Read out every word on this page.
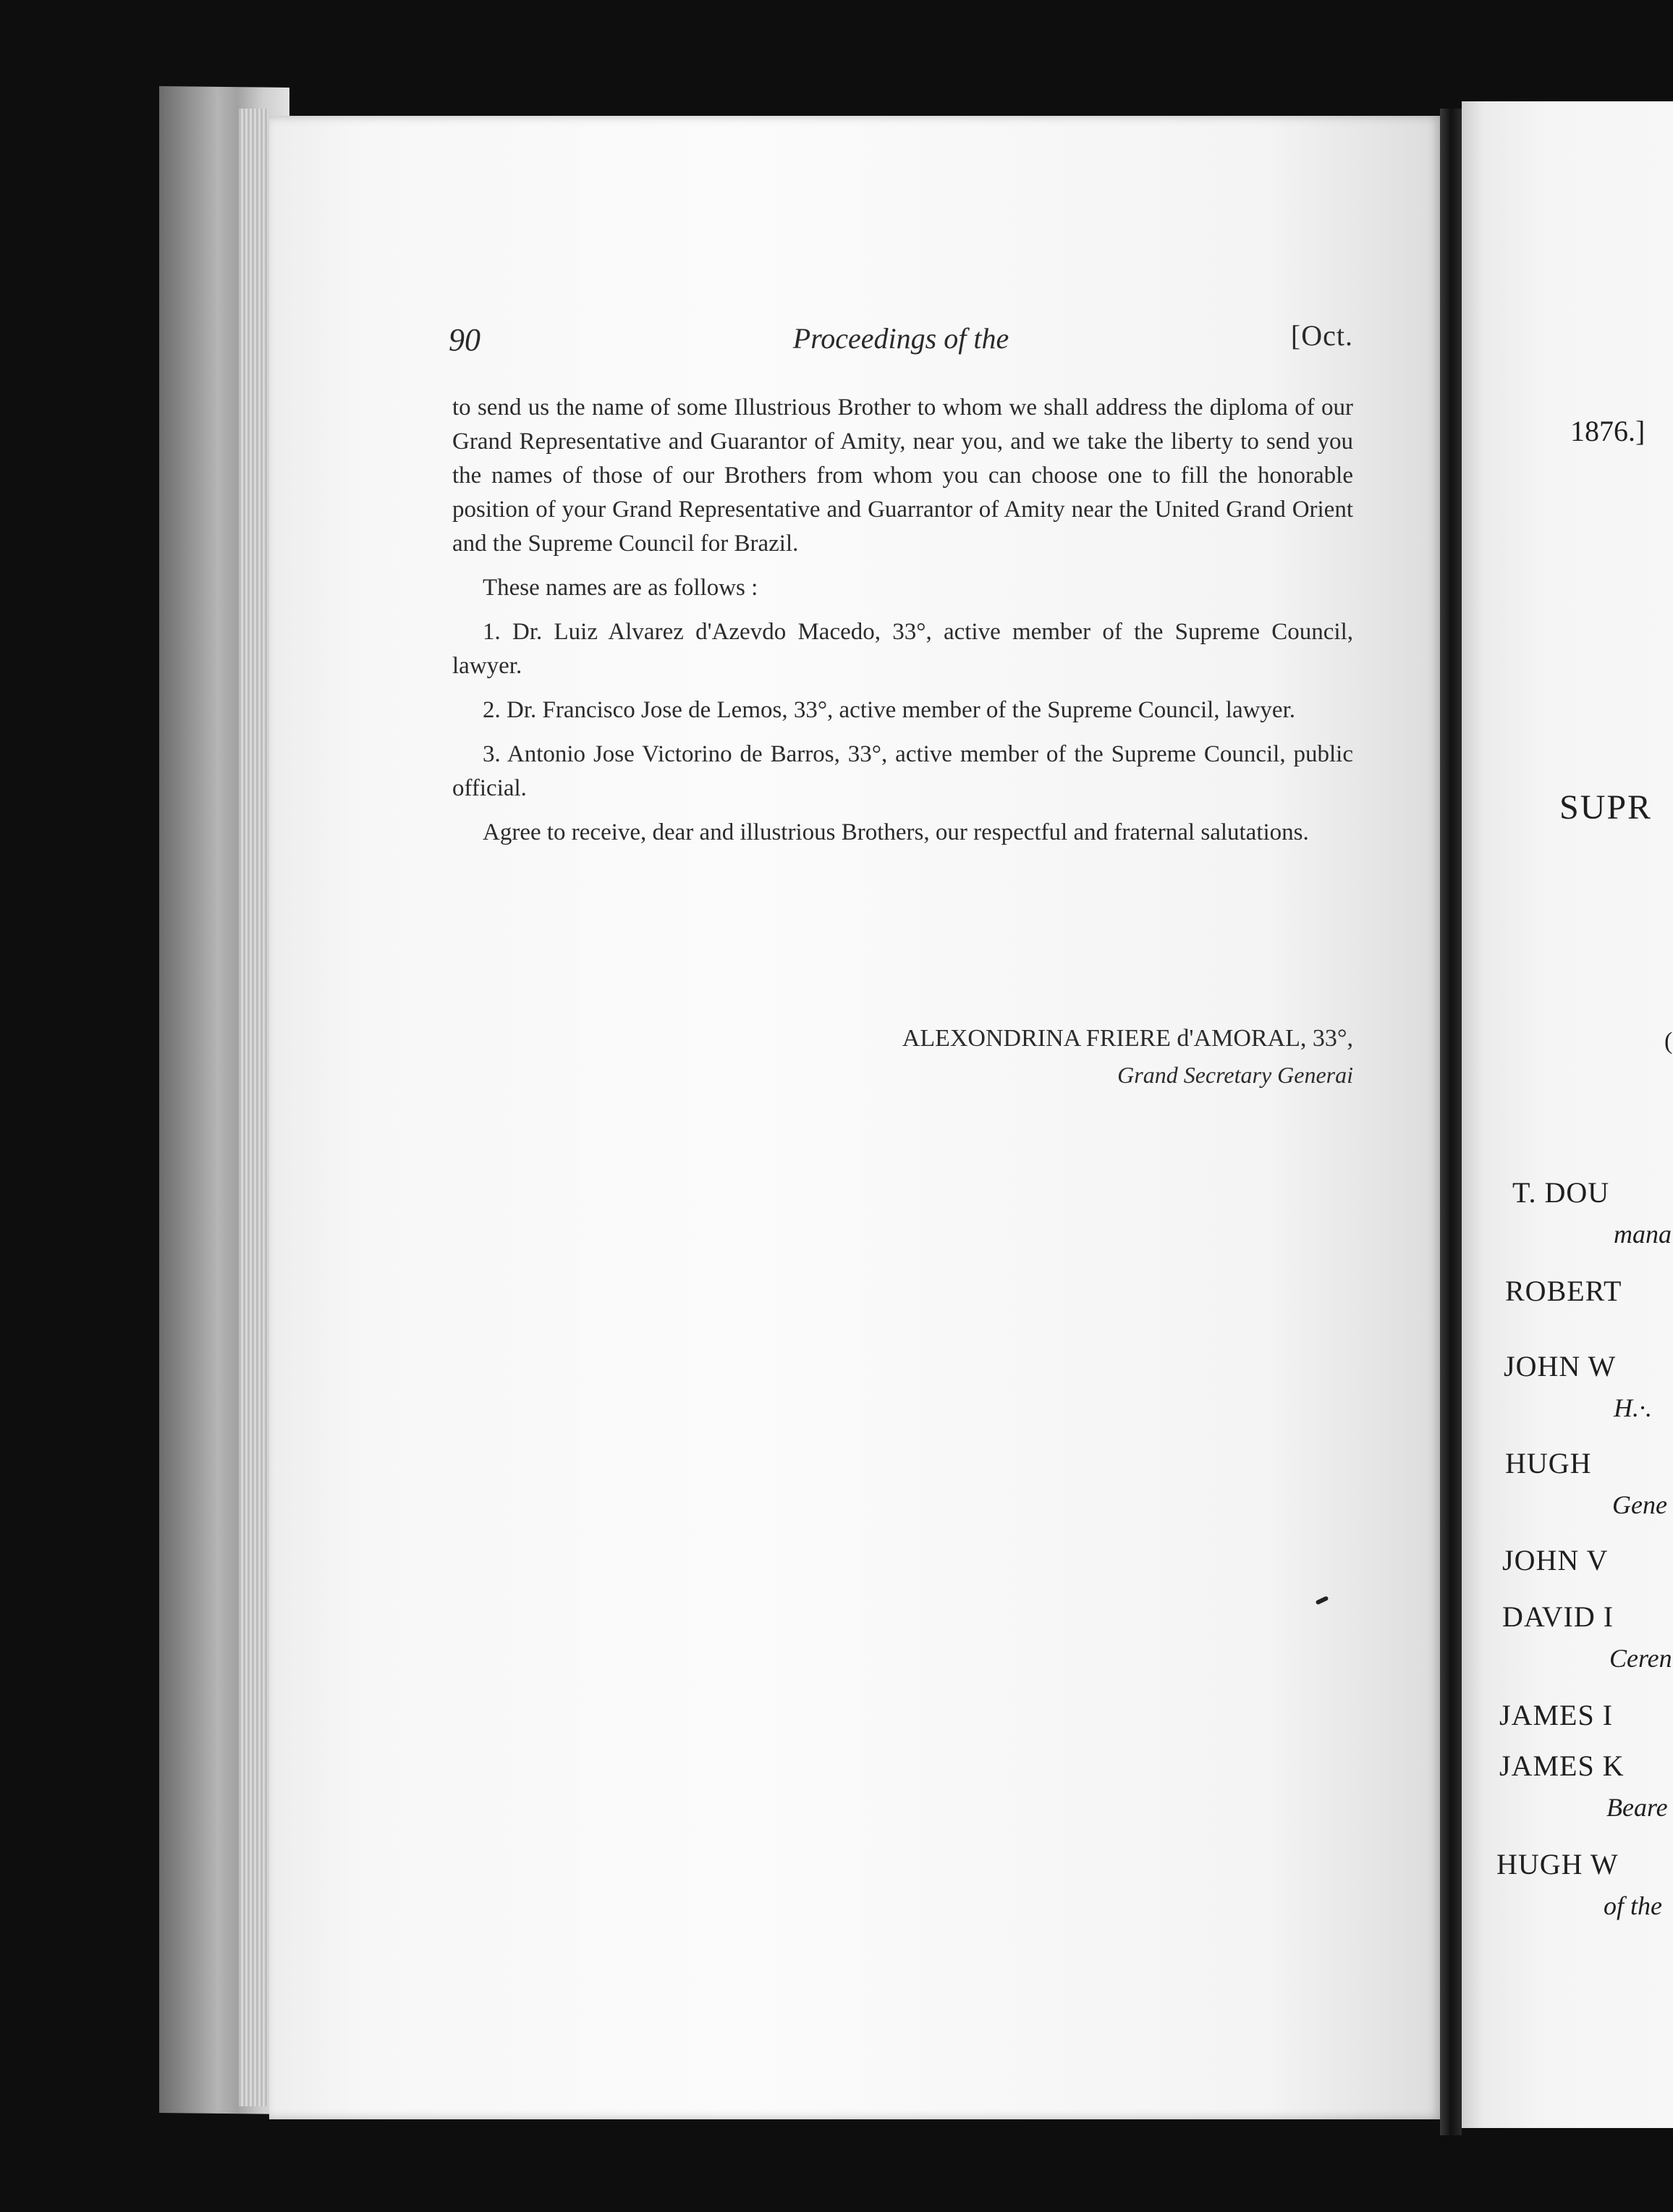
90	Proceedings of the	[Oct.

to send us the name of some Illustrious Brother to whom we shall address the diploma of our Grand Representative and Guarantor of Amity, near you, and we take the liberty to send you the names of those of our Brothers from whom you can choose one to fill the honorable position of your Grand Representative and Guarrantor of Amity near the United Grand Orient and the Supreme Council for Brazil.

These names are as follows :

1. Dr. Luiz Alvarez d'Azevdo Macedo, 33°, active member of the Supreme Council, lawyer.

2. Dr. Francisco Jose de Lemos, 33°, active member of the Supreme Council, lawyer.

3. Antonio Jose Victorino de Barros, 33°, active member of the Supreme Council, public official.

Agree to receive, dear and illustrious Brothers, our respectful and fraternal salutations.

ALEXONDRINA FRIERE d'AMORAL, 33°,
Grand Secretary Generai
1876.]
SUPR
(
T. DOU
mana
ROBERT
JOHN W
H.·.
HUGH
Gene
JOHN V
DAVID I
Ceren
JAMES I
JAMES K
Beare
HUGH W
of the
